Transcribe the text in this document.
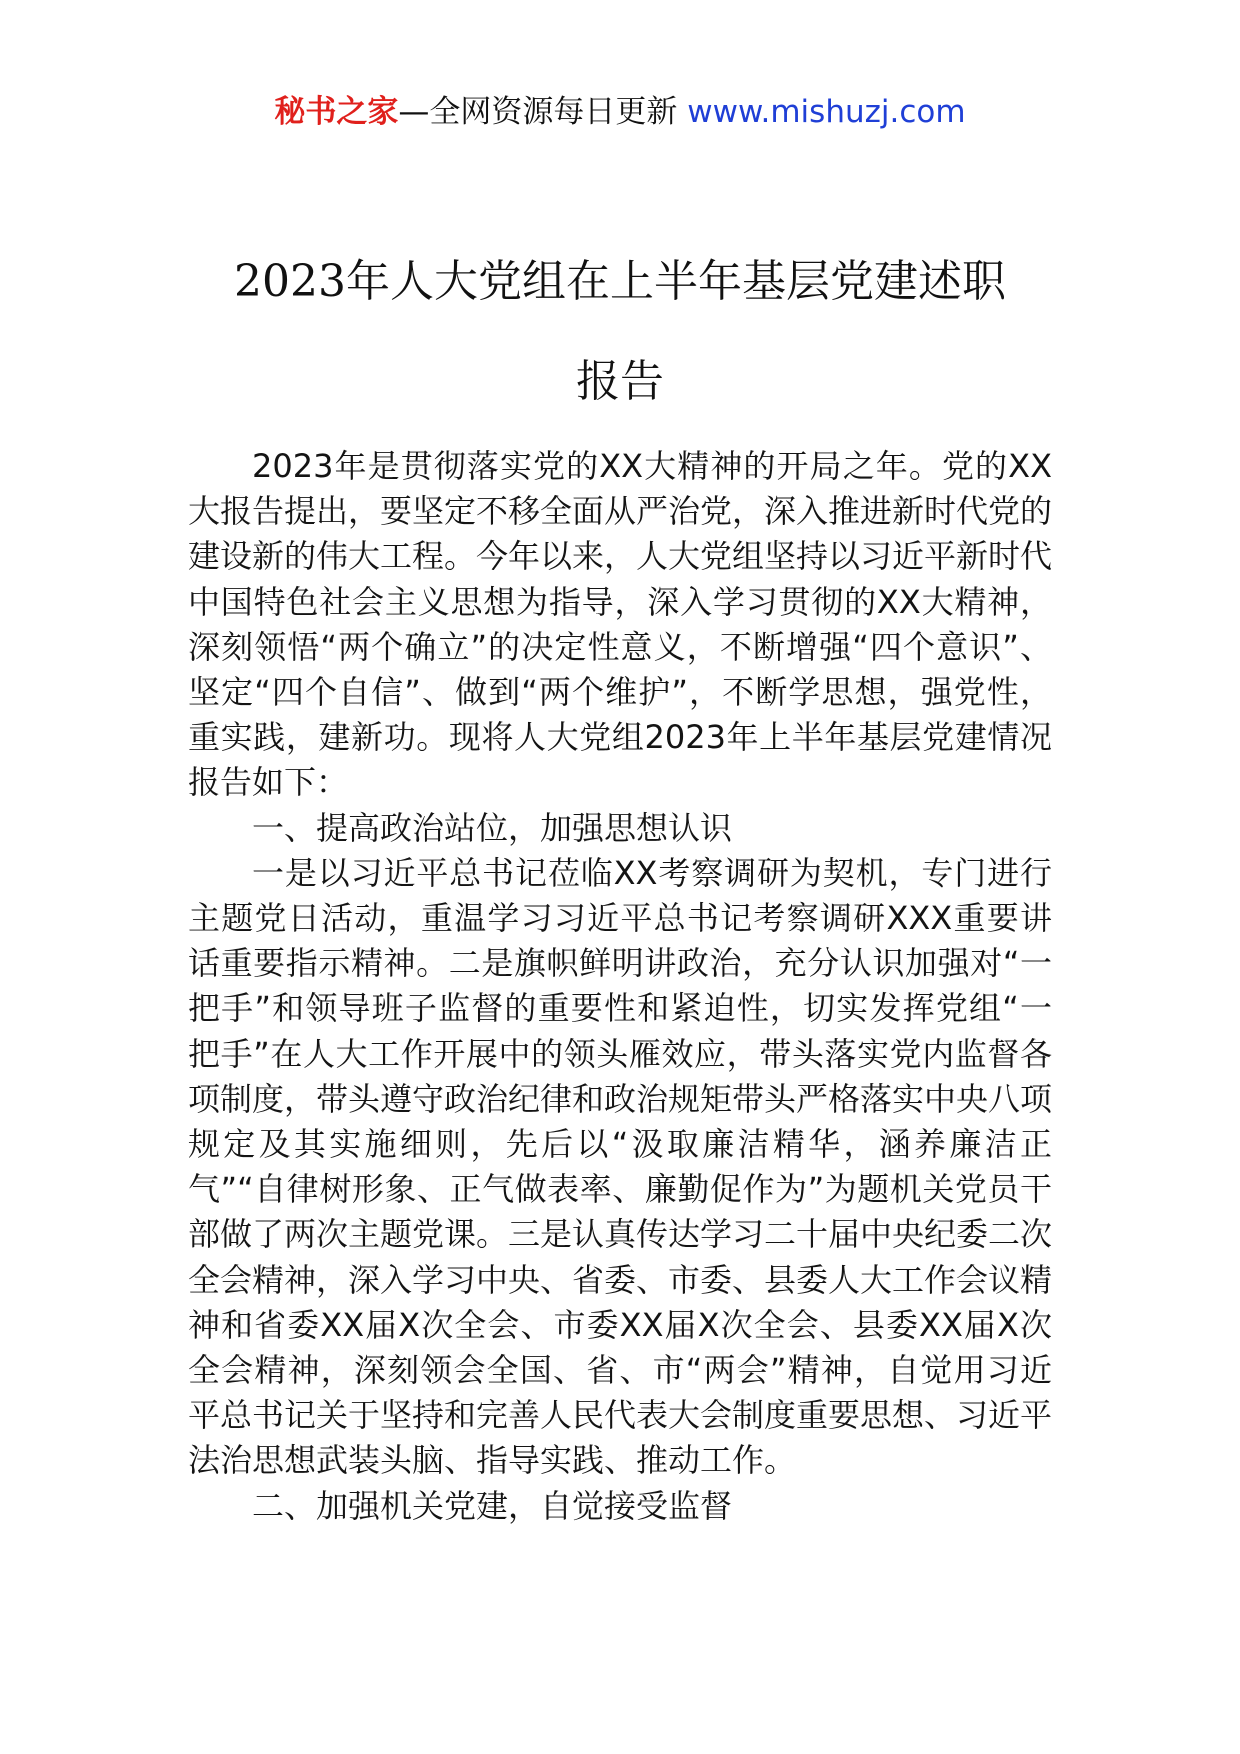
秘书之家—全网资源每日更新 www.mishuzj.com
2023年人大党组在上半年基层党建述职
报告

2023年是贯彻落实党的XX大精神的开局之年。党的XX大报告提出，要坚定不移全面从严治党，深入推进新时代党的建设新的伟大工程。今年以来，人大党组坚持以习近平新时代中国特色社会主义思想为指导，深入学习贯彻的XX大精神，深刻领悟“两个确立”的决定性意义，不断增强“四个意识”、坚定“四个自信”、做到“两个维护”，不断学思想，强党性，重实践，建新功。现将人大党组2023年上半年基层党建情况报告如下：

一、提高政治站位，加强思想认识

一是以习近平总书记莅临XX考察调研为契机，专门进行主题党日活动，重温学习习近平总书记考察调研XXX重要讲话重要指示精神。二是旗帜鲜明讲政治，充分认识加强对“一把手”和领导班子监督的重要性和紧迫性，切实发挥党组“一把手”在人大工作开展中的领头雁效应，带头落实党内监督各项制度，带头遵守政治纪律和政治规矩带头严格落实中央八项规定及其实施细则，先后以“汲取廉洁精华，涵养廉洁正气”“自律树形象、正气做表率、廉勤促作为”为题机关党员干部做了两次主题党课。三是认真传达学习二十届中央纪委二次全会精神，深入学习中央、省委、市委、县委人大工作会议精神和省委XX届X次全会、市委XX届X次全会、县委XX届X次全会精神，深刻领会全国、省、市“两会”精神，自觉用习近平总书记关于坚持和完善人民代表大会制度重要思想、习近平法治思想武装头脑、指导实践、推动工作。

二、加强机关党建，自觉接受监督
